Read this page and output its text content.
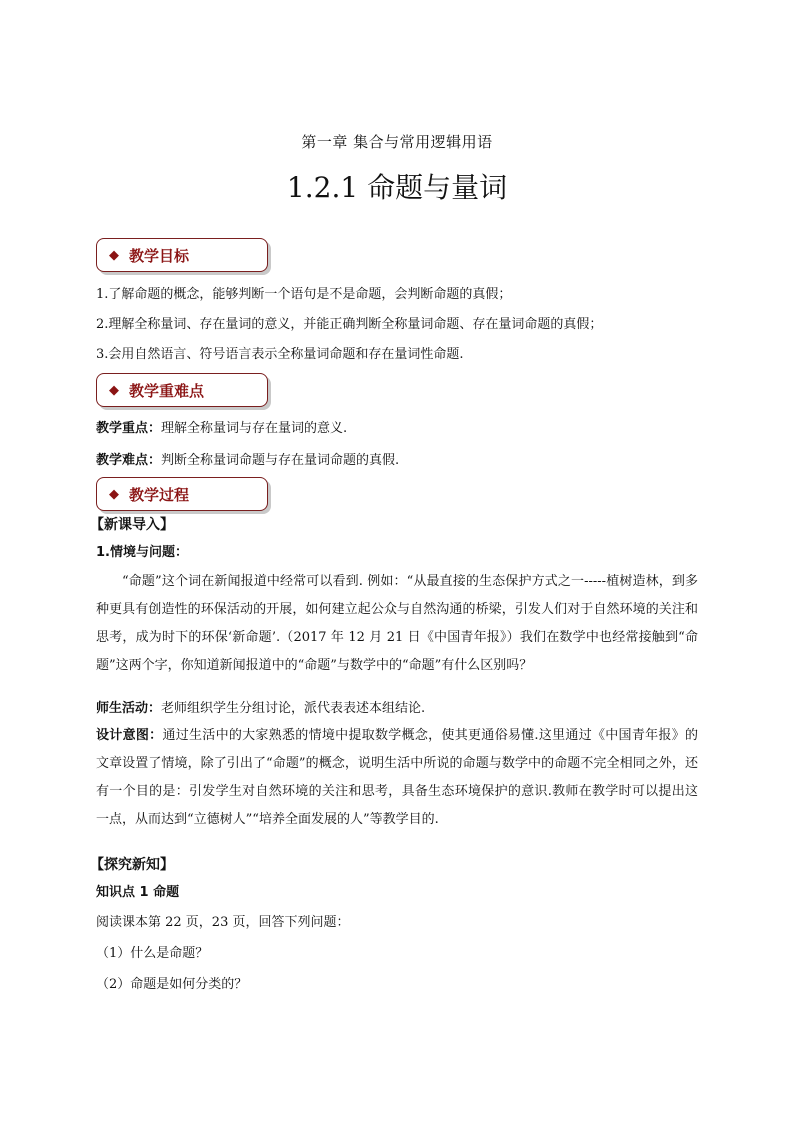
第一章 集合与常用逻辑用语
1.2.1 命题与量词
◆ 教学目标
1.了解命题的概念，能够判断一个语句是不是命题，会判断命题的真假；
2.理解全称量词、存在量词的意义，并能正确判断全称量词命题、存在量词命题的真假；
3.会用自然语言、符号语言表示全称量词命题和存在量词性命题.
◆ 教学重难点
教学重点：理解全称量词与存在量词的意义.
教学难点：判断全称量词命题与存在量词命题的真假.
◆ 教学过程
【新课导入】
1.情境与问题：
“命题”这个词在新闻报道中经常可以看到. 例如：“从最直接的生态保护方式之一-----植树造林，到多种更具有创造性的环保活动的开展，如何建立起公众与自然沟通的桥梁，引发人们对于自然环境的关注和思考，成为时下的环保‘新命题’.（2017 年 12 月 21 日《中国青年报》）我们在数学中也经常接触到“命题”这两个字，你知道新闻报道中的“命题”与数学中的“命题”有什么区别吗？
师生活动：老师组织学生分组讨论，派代表表述本组结论.
设计意图：通过生活中的大家熟悉的情境中提取数学概念，使其更通俗易懂.这里通过《中国青年报》的文章设置了情境，除了引出了“命题”的概念，说明生活中所说的命题与数学中的命题不完全相同之外，还有一个目的是：引发学生对自然环境的关注和思考，具备生态环境保护的意识.教师在教学时可以提出这一点，从而达到“立德树人”“培养全面发展的人”等教学目的.
【探究新知】
知识点 1 命题
阅读课本第 22 页，23 页，回答下列问题：
（1）什么是命题？
（2）命题是如何分类的？
